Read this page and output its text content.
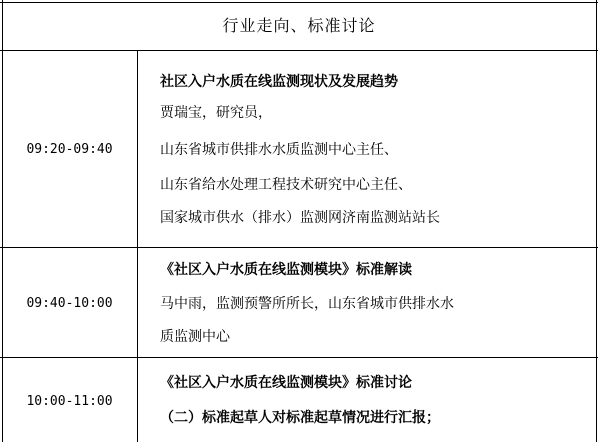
行业走向、标准讨论
09:20-09:40
社区入户水质在线监测现状及发展趋势
贾瑞宝，研究员，
山东省城市供排水水质监测中心主任、
山东省给水处理工程技术研究中心主任、
国家城市供水（排水）监测网济南监测站站长
09:40-10:00
《社区入户水质在线监测模块》标准解读
马中雨，监测预警所所长，山东省城市供排水水
质监测中心
10:00-11:00
《社区入户水质在线监测模块》标准讨论
（二）标准起草人对标准起草情况进行汇报；
